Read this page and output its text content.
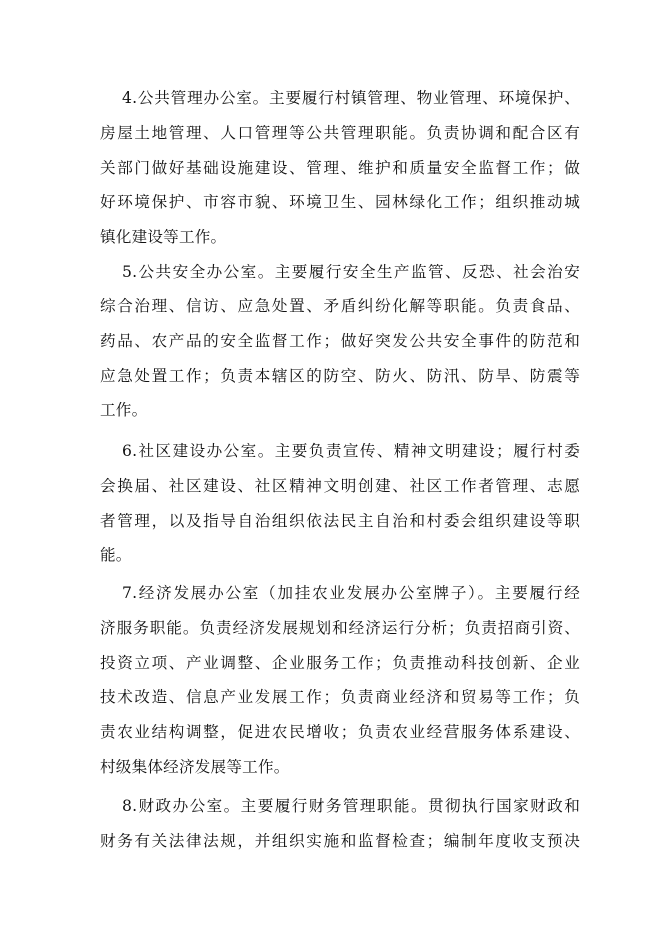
4.公共管理办公室。主要履行村镇管理、物业管理、环境保护、
房屋土地管理、人口管理等公共管理职能。负责协调和配合区有
关部门做好基础设施建设、管理、维护和质量安全监督工作；做
好环境保护、市容市貌、环境卫生、园林绿化工作；组织推动城
镇化建设等工作。
5.公共安全办公室。主要履行安全生产监管、反恐、社会治安
综合治理、信访、应急处置、矛盾纠纷化解等职能。负责食品、
药品、农产品的安全监督工作；做好突发公共安全事件的防范和
应急处置工作；负责本辖区的防空、防火、防汛、防旱、防震等
工作。
6.社区建设办公室。主要负责宣传、精神文明建设；履行村委
会换届、社区建设、社区精神文明创建、社区工作者管理、志愿
者管理，以及指导自治组织依法民主自治和村委会组织建设等职
能。
7.经济发展办公室（加挂农业发展办公室牌子）。主要履行经
济服务职能。负责经济发展规划和经济运行分析；负责招商引资、
投资立项、产业调整、企业服务工作；负责推动科技创新、企业
技术改造、信息产业发展工作；负责商业经济和贸易等工作；负
责农业结构调整，促进农民增收；负责农业经营服务体系建设、
村级集体经济发展等工作。
8.财政办公室。主要履行财务管理职能。贯彻执行国家财政和
财务有关法律法规，并组织实施和监督检查；编制年度收支预决
